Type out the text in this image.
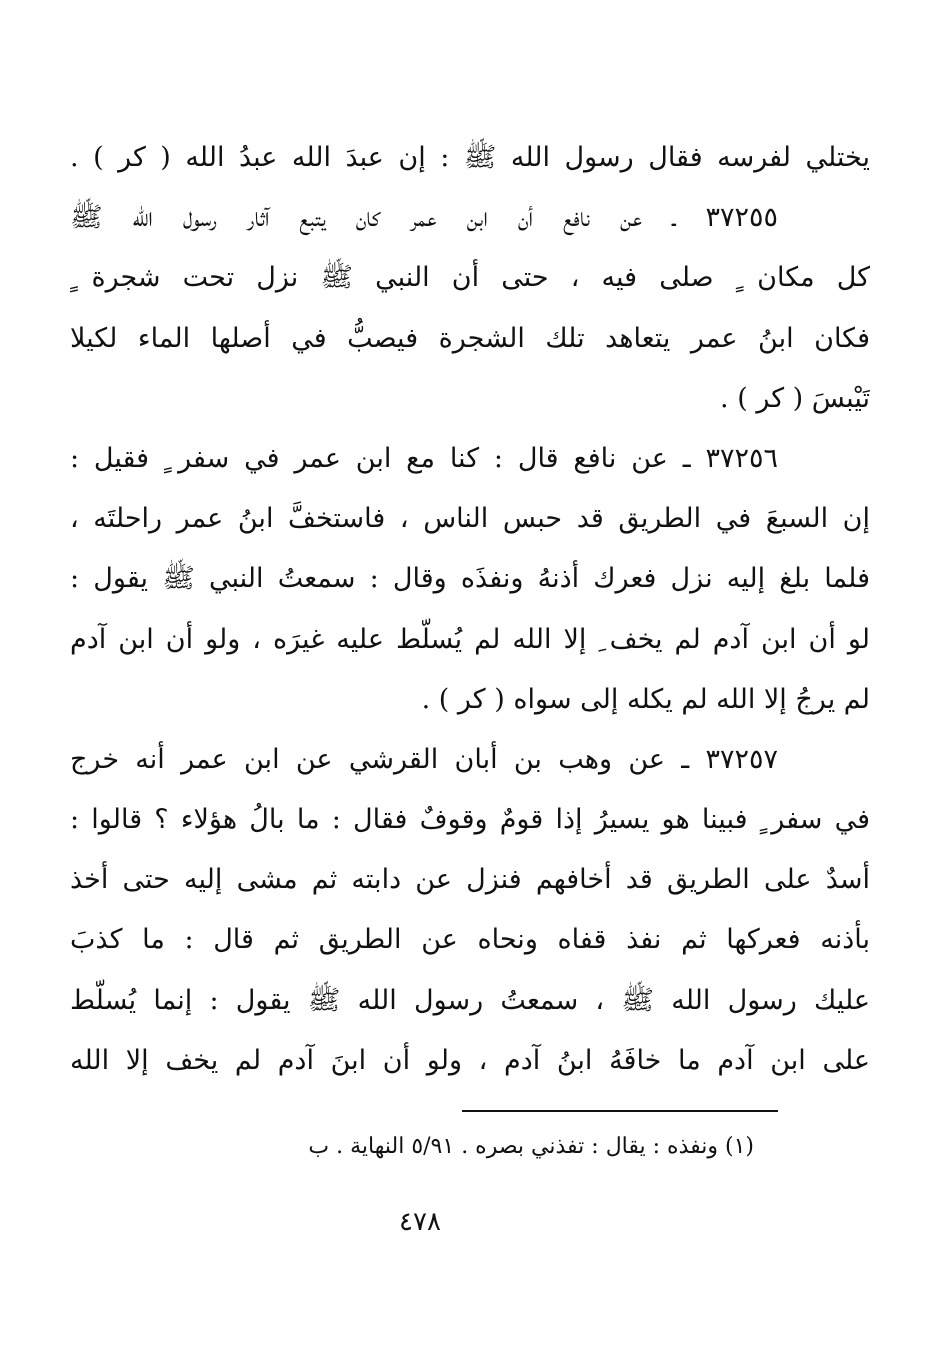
يختلي لفرسه فقال رسول الله ﷺ : إن عبدَ الله عبدُ الله ( كر ) .
٣٧٢٥٥ ـ عن نافع أن ابن عمر كان يتبع آثار رسول الله ﷺ
كل مكان ٍ صلى فيه ، حتى أن النبي ﷺ نزل تحت شجرة ٍ
فكان ابنُ عمر يتعاهد تلك الشجرة فيصبُّ في أصلها الماء لكيلا
تَيْبسَ ( كر ) .
٣٧٢٥٦ ـ عن نافع قال : كنا مع ابن عمر في سفر ٍ فقيل :
إن السبعَ في الطريق قد حبس الناس ، فاستخفَّ ابنُ عمر راحلتَه ،
فلما بلغ إليه نزل فعرك أذنهُ ونفذَه وقال : سمعتُ النبي ﷺ يقول :
لو أن ابن آدم لم يخف ِ إلا الله لم يُسلّط عليه غيرَه ، ولو أن ابن آدم
لم يرجُ إلا الله لم يكله إلى سواه ( كر ) .
٣٧٢٥٧ ـ عن وهب بن أبان القرشي عن ابن عمر أنه خرج
في سفر ٍ فبينا هو يسيرُ إذا قومٌ وقوفٌ فقال : ما بالُ هؤلاء ؟ قالوا :
أسدٌ على الطريق قد أخافهم فنزل عن دابته ثم مشى إليه حتى أخذ
بأذنه فعركها ثم نفذ قفاه ونحاه عن الطريق ثم قال : ما كذبَ
عليك رسول الله ﷺ ، سمعتُ رسول الله ﷺ يقول : إنما يُسلّط
على ابن آدم ما خافَهُ ابنُ آدم ، ولو أن ابنَ آدم لم يخف إلا الله
(١) ونفذه : يقال : تفذني بصره . ٥/٩١ النهاية . ب
٤٧٨
